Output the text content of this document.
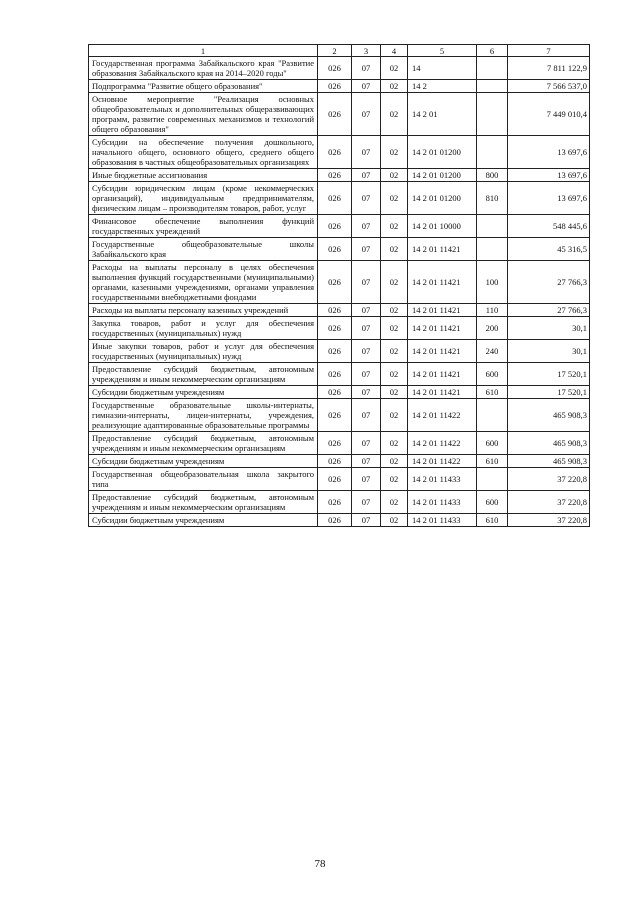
1	2	3	4	5	6	7
Государственная программа Забайкальского края "Развитие образования Забайкальского края на 2014–2020 годы"	026	07	02	14		7 811 122,9
Подпрограмма "Развитие общего образования"	026	07	02	14 2		7 566 537,0
Основное мероприятие "Реализация основных общеобразовательных и дополнительных общеразвивающих программ, развитие современных механизмов и технологий общего образования"	026	07	02	14 2 01		7 449 010,4
Субсидии на обеспечение получения дошкольного, начального общего, основного общего, среднего общего образования в частных общеобразовательных организациях	026	07	02	14 2 01 01200		13 697,6
Иные бюджетные ассигнования	026	07	02	14 2 01 01200	800	13 697,6
Субсидии юридическим лицам (кроме некоммерческих организаций), индивидуальным предпринимателям, физическим лицам – производителям товаров, работ, услуг	026	07	02	14 2 01 01200	810	13 697,6
Финансовое обеспечение выполнения функций государственных учреждений	026	07	02	14 2 01 10000		548 445,6
Государственные общеобразовательные школы Забайкальского края	026	07	02	14 2 01 11421		45 316,5
Расходы на выплаты персоналу в целях обеспечения выполнения функций государственными (муниципальными) органами, казенными учреждениями, органами управления государственными внебюджетными фондами	026	07	02	14 2 01 11421	100	27 766,3
Расходы на выплаты персоналу казенных учреждений	026	07	02	14 2 01 11421	110	27 766,3
Закупка товаров, работ и услуг для обеспечения государственных (муниципальных) нужд	026	07	02	14 2 01 11421	200	30,1
Иные закупки товаров, работ и услуг для обеспечения государственных (муниципальных) нужд	026	07	02	14 2 01 11421	240	30,1
Предоставление субсидий бюджетным, автономным учреждениям и иным некоммерческим организациям	026	07	02	14 2 01 11421	600	17 520,1
Субсидии бюджетным учреждениям	026	07	02	14 2 01 11421	610	17 520,1
Государственные образовательные школы-интернаты, гимназии-интернаты, лицеи-интернаты, учреждения, реализующие адаптированные образовательные программы	026	07	02	14 2 01 11422		465 908,3
Предоставление субсидий бюджетным, автономным учреждениям и иным некоммерческим организациям	026	07	02	14 2 01 11422	600	465 908,3
Субсидии бюджетным учреждениям	026	07	02	14 2 01 11422	610	465 908,3
Государственная общеобразовательная школа закрытого типа	026	07	02	14 2 01 11433		37 220,8
Предоставление субсидий бюджетным, автономным учреждениям и иным некоммерческим организациям	026	07	02	14 2 01 11433	600	37 220,8
Субсидии бюджетным учреждениям	026	07	02	14 2 01 11433	610	37 220,8
78
